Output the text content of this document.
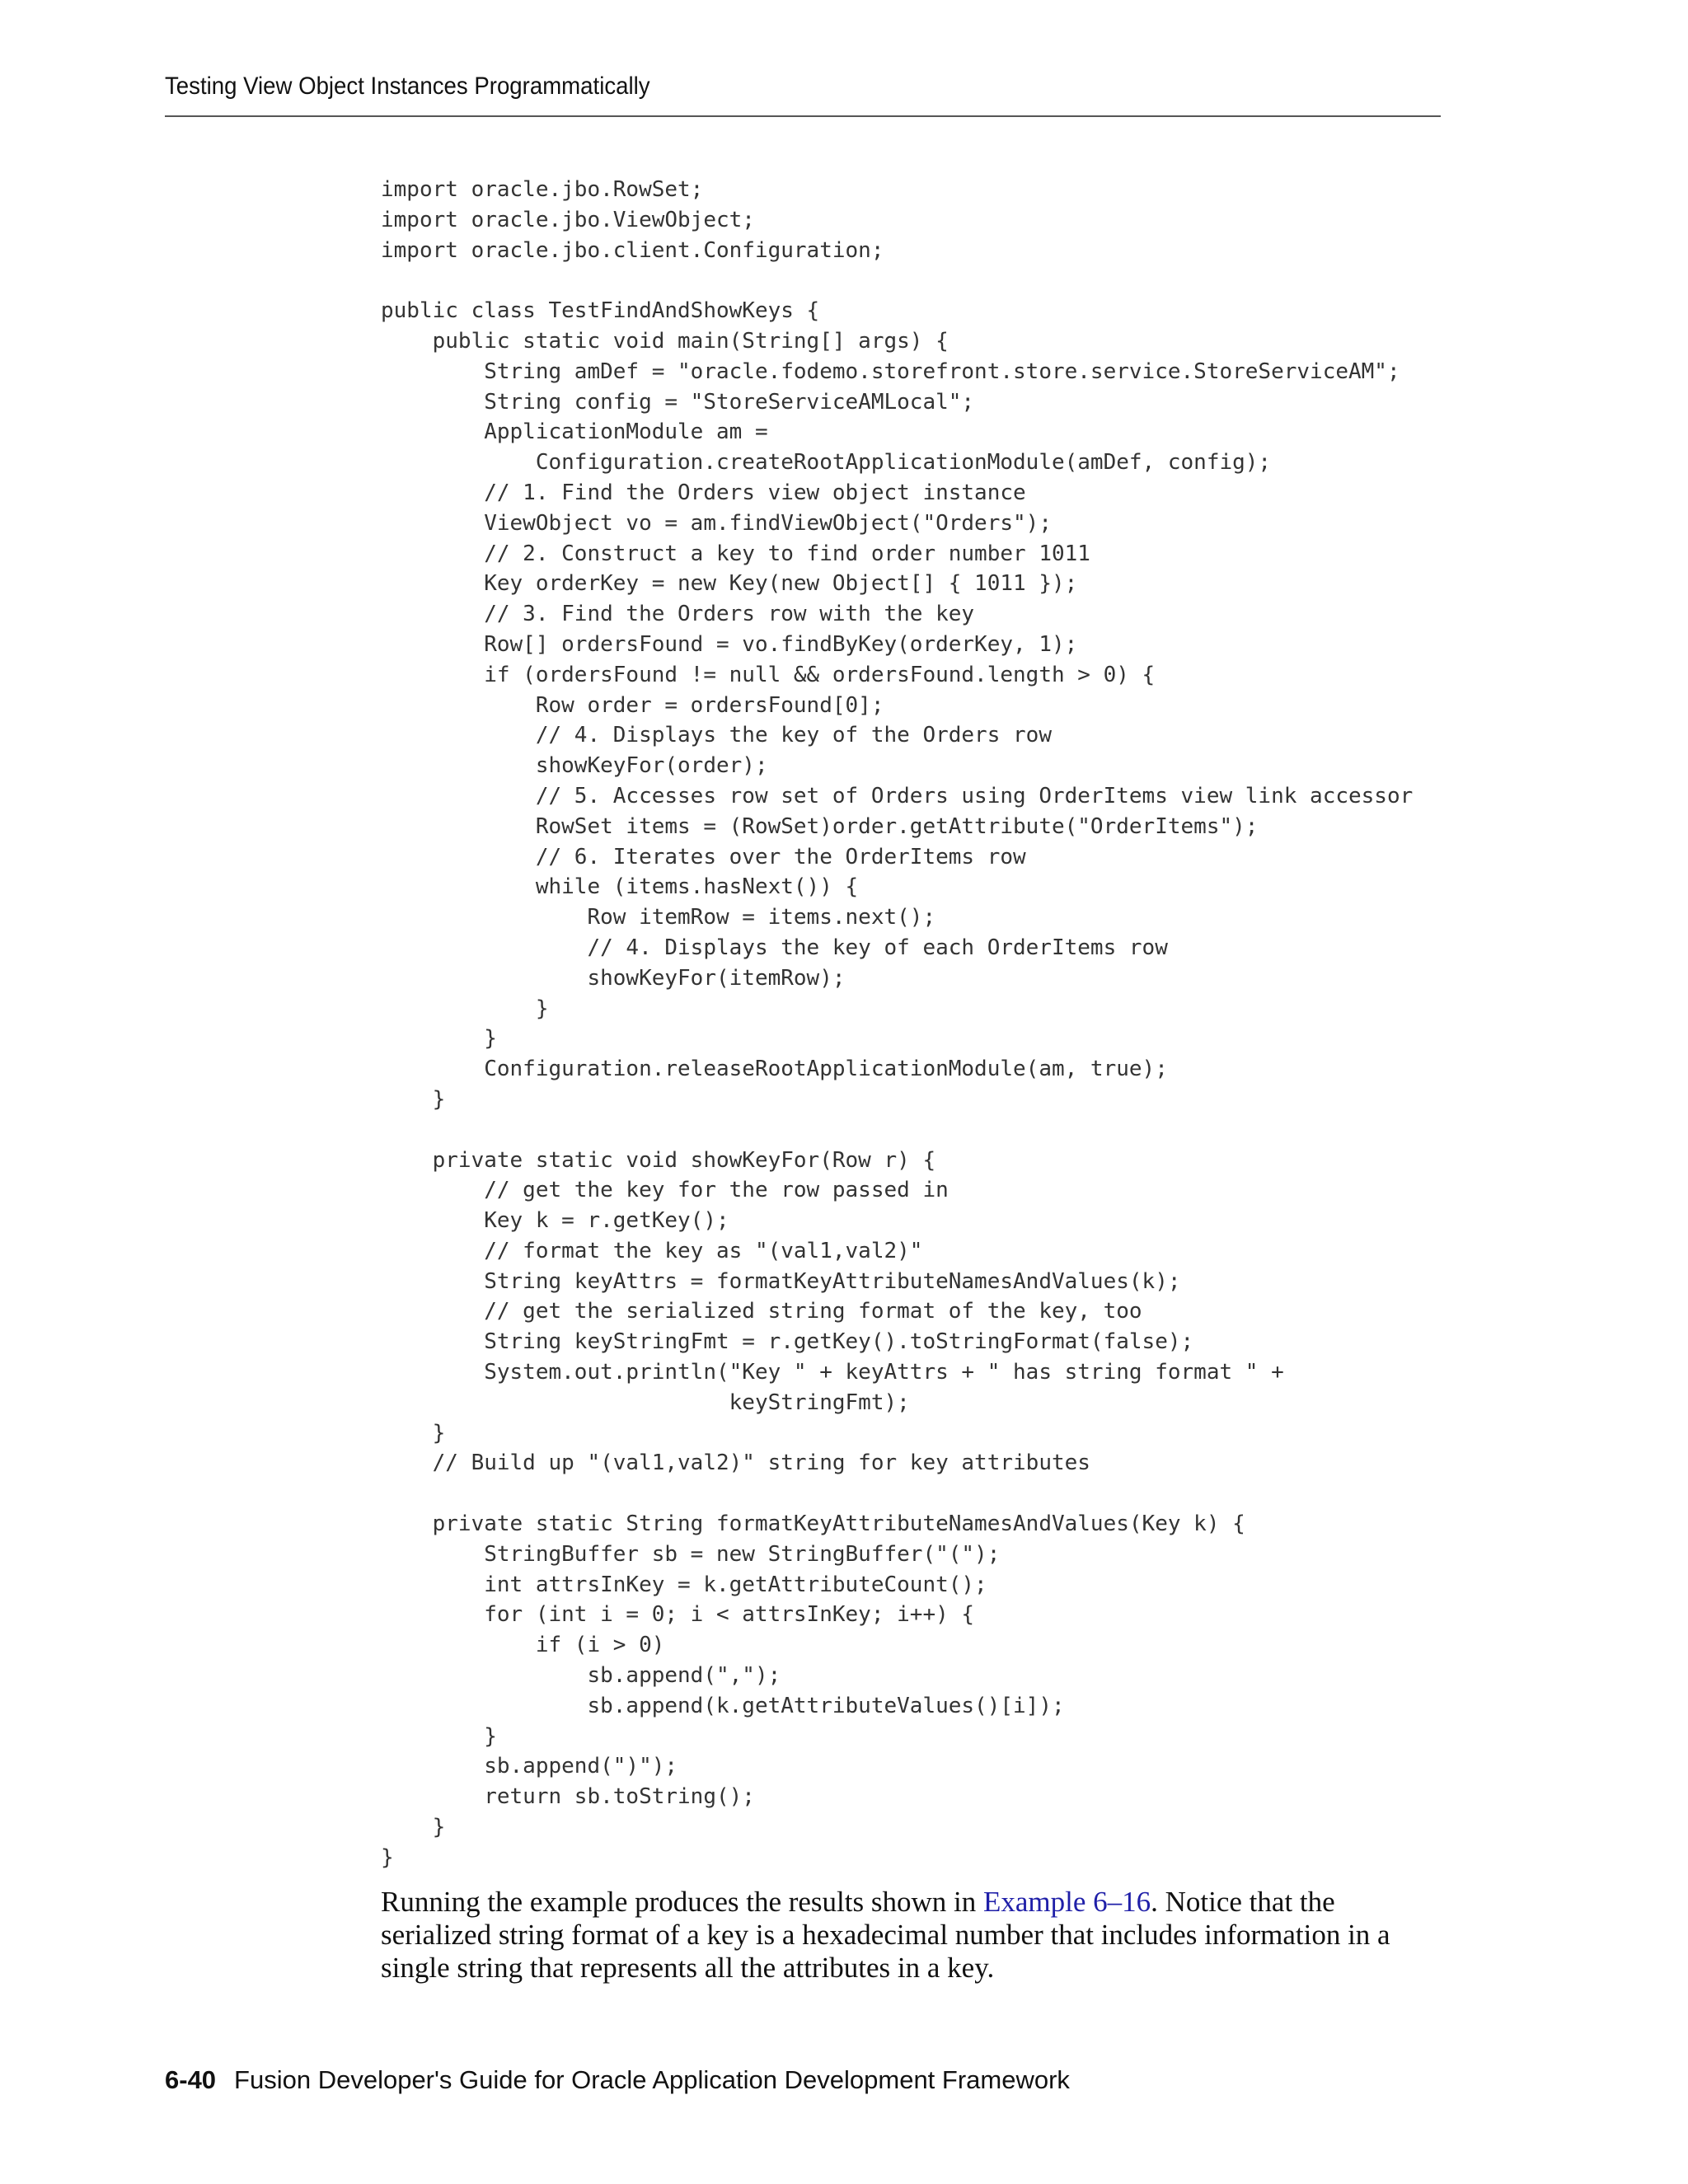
Testing View Object Instances Programmatically
import oracle.jbo.RowSet;
import oracle.jbo.ViewObject;
import oracle.jbo.client.Configuration;
public class TestFindAndShowKeys {
public static void main(String[] args) {
String amDef = "oracle.fodemo.storefront.store.service.StoreServiceAM";
String config = "StoreServiceAMLocal";
ApplicationModule am =
Configuration.createRootApplicationModule(amDef, config);
// 1. Find the Orders view object instance
ViewObject vo = am.findViewObject("Orders");
// 2. Construct a key to find order number 1011
Key orderKey = new Key(new Object[] { 1011 });
// 3. Find the Orders row with the key
Row[] ordersFound = vo.findByKey(orderKey, 1);
if (ordersFound != null && ordersFound.length > 0) {
Row order = ordersFound[0];
// 4. Displays the key of the Orders row
showKeyFor(order);
// 5. Accesses row set of Orders using OrderItems view link accessor
RowSet items = (RowSet)order.getAttribute("OrderItems");
// 6. Iterates over the OrderItems row
while (items.hasNext()) {
Row itemRow = items.next();
// 4. Displays the key of each OrderItems row
showKeyFor(itemRow);
}
}
Configuration.releaseRootApplicationModule(am, true);
}
private static void showKeyFor(Row r) {
// get the key for the row passed in
Key k = r.getKey();
// format the key as "(val1,val2)"
String keyAttrs = formatKeyAttributeNamesAndValues(k);
// get the serialized string format of the key, too
String keyStringFmt = r.getKey().toStringFormat(false);
System.out.println("Key " + keyAttrs + " has string format " +
keyStringFmt);
}
// Build up "(val1,val2)" string for key attributes
private static String formatKeyAttributeNamesAndValues(Key k) {
StringBuffer sb = new StringBuffer("(");
int attrsInKey = k.getAttributeCount();
for (int i = 0; i < attrsInKey; i++) {
if (i > 0)
sb.append(",");
sb.append(k.getAttributeValues()[i]);
}
sb.append(")");
return sb.toString();
}
}

Running the example produces the results shown in Example 6–16. Notice that the serialized string format of a key is a hexadecimal number that includes information in a single string that represents all the attributes in a key.

6-40 Fusion Developer's Guide for Oracle Application Development Framework
